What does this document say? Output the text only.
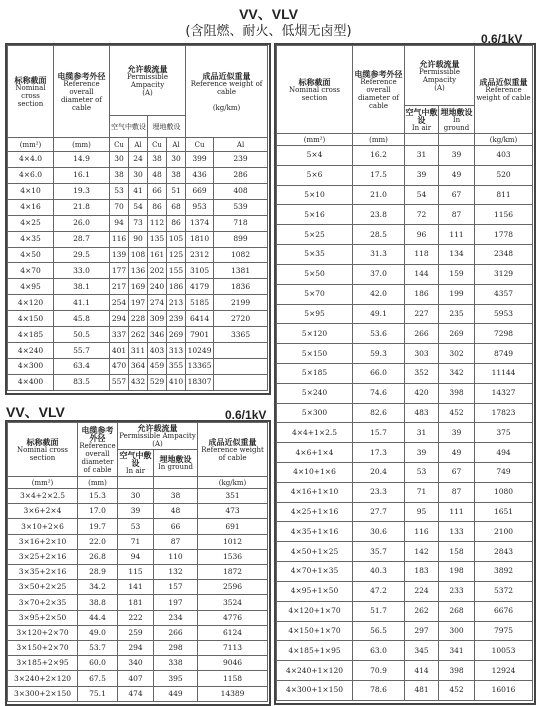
VV、VLV
(含阻燃、耐火、低烟无卤型)	0.6/1kV
标称截面
Nominal cross section	电缆参考外径
Reference overall diameter of cable	允许载流量
Permissible Ampacity
(A)				成品近似重量
Reference weight of cable

(kg/km)	
		空气中敷设		埋地敷设			
(mm²)	(mm)	Cu	Al	Cu	Al	Cu	Al
4×4.0	14.9	30	24	38	30	399	239
4×6.0	16.1	38	30	48	38	436	286
4×10	19.3	53	41	66	51	669	408
4×16	21.8	70	54	86	68	953	539
4×25	26.0	94	73	112	86	1374	718
4×35	28.7	116	90	135	105	1810	899
4×50	29.5	139	108	161	125	2312	1082
4×70	33.0	177	136	202	155	3105	1381
4×95	38.1	217	169	240	186	4179	1836
4×120	41.1	254	197	274	213	5185	2199
4×150	45.8	294	228	309	239	6414	2720
4×185	50.5	337	262	346	269	7901	3365
4×240	55.7	401	311	403	313	10249	
4×300	63.4	470	364	459	355	13365	
4×400	83.5	557	432	529	410	18307	
VV、VLV	0.6/1kV
标称截面
Nominal cross section	电缆参考外径
Reference overall diameter of cable	允许载流量
Permissible Ampacity
(A)		成品近似重量
Reference weight of cable

		空气中敷设
In air	埋地敷设
In ground	
(mm²)	(mm)			(kg/km)
3×4+2×2.5	15.3	30	38	351
3×6+2×4	17.0	39	48	473
3×10+2×6	19.7	53	66	691
3×16+2×10	22.0	71	87	1012
3×25+2×16	26.8	94	110	1536
3×35+2×16	28.9	115	132	1872
3×50+2×25	34.2	141	157	2596
3×70+2×35	38.8	181	197	3524
3×95+2×50	44.4	222	234	4776
3×120+2×70	49.0	259	266	6124
3×150+2×70	53.7	294	298	7113
3×185+2×95	60.0	340	338	9046
3×240+2×120	67.5	407	395	1158
3×300+2×150	75.1	474	449	14389
标称截面
Nominal cross section	电缆参考外径
Reference overall diameter of cable	允许载流量
Permissible Ampacity
(A)		成品近似重量
Reference weight of cable

		空气中敷设
In air	埋地敷设
In ground	
(mm²)	(mm)			(kg/km)
5×4	16.2	31	39	403
5×6	17.5	39	49	520
5×10	21.0	54	67	811
5×16	23.8	72	87	1156
5×25	28.5	96	111	1778
5×35	31.3	118	134	2348
5×50	37.0	144	159	3129
5×70	42.0	186	199	4357
5×95	49.1	227	235	5953
5×120	53.6	266	269	7298
5×150	59.3	303	302	8749
5×185	66.0	352	342	11144
5×240	74.6	420	398	14327
5×300	82.6	483	452	17823
4×4+1×2.5	15.7	31	39	375
4×6+1×4	17.3	39	49	494
4×10+1×6	20.4	53	67	749
4×16+1×10	23.3	71	87	1080
4×25+1×16	27.7	95	111	1651
4×35+1×16	30.6	116	133	2100
4×50+1×25	35.7	142	158	2843
4×70+1×35	40.3	183	198	3892
4×95+1×50	47.2	224	233	5372
4×120+1×70	51.7	262	268	6676
4×150+1×70	56.5	297	300	7975
4×185+1×95	63.0	345	341	10053
4×240+1×120	70.9	414	398	12924
4×300+1×150	78.6	481	452	16016
